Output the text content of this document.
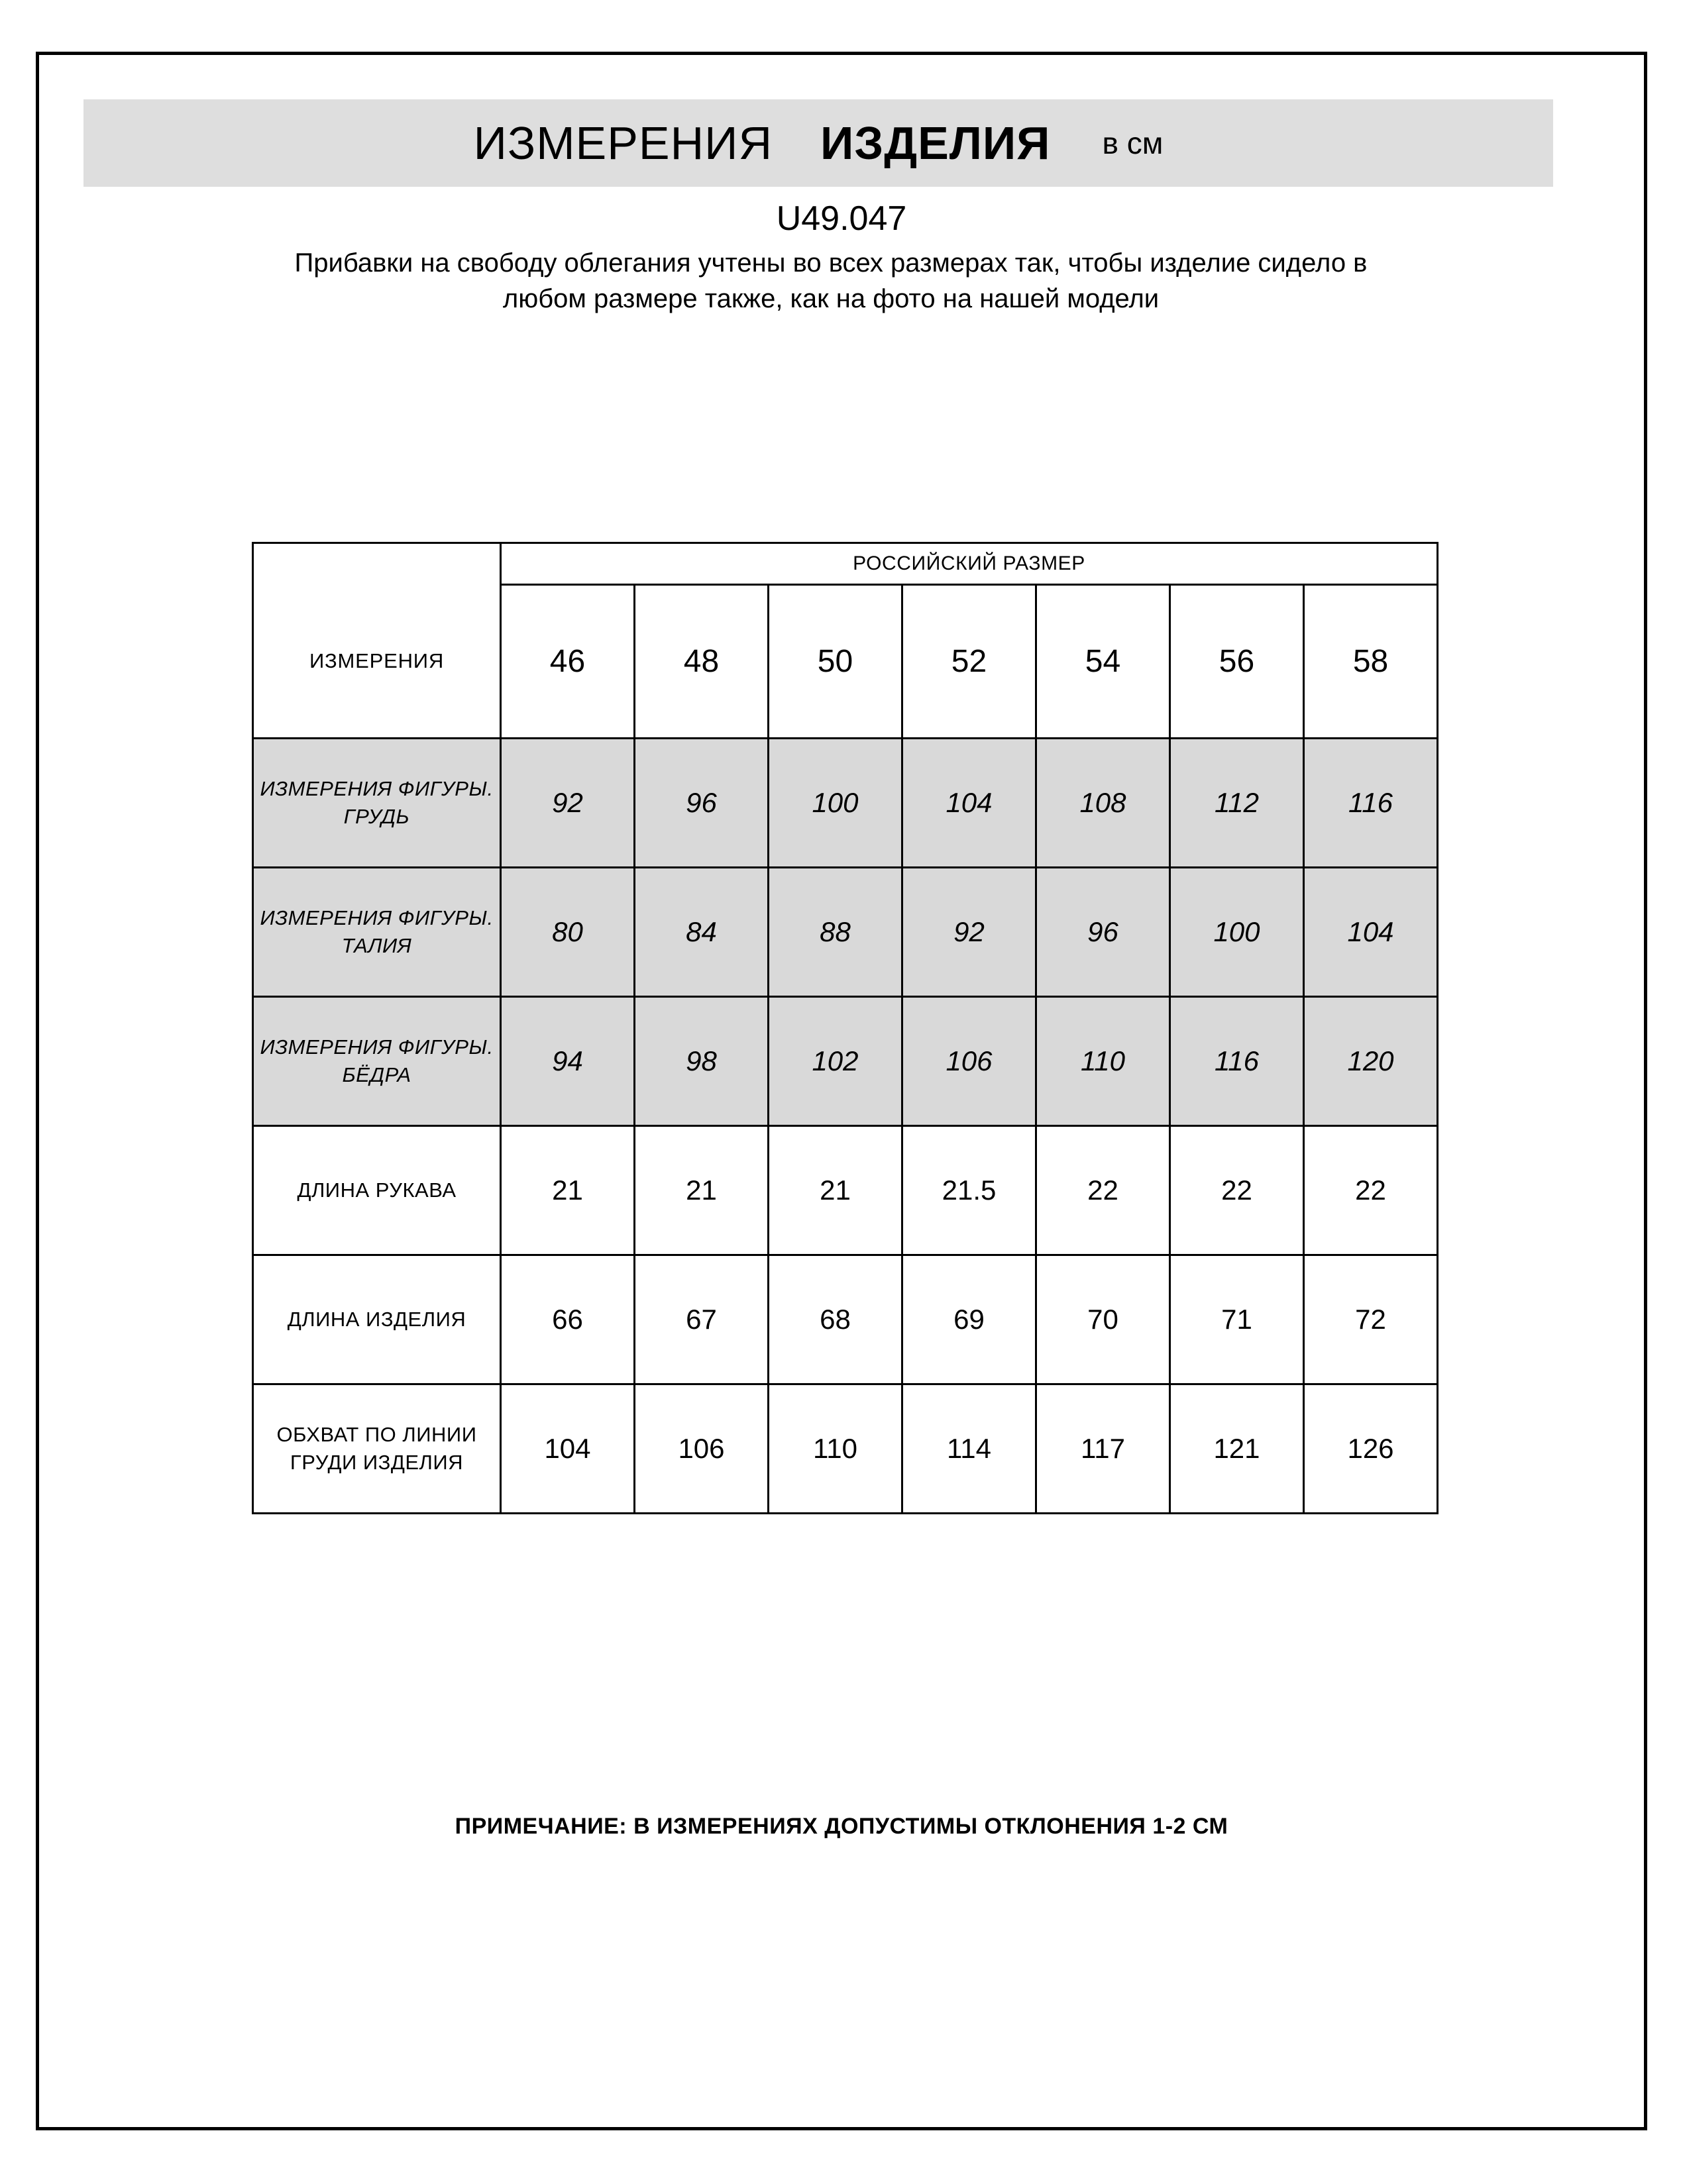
ИЗМЕРЕНИЯ ИЗДЕЛИЯ в см
U49.047
Прибавки на свободу облегания учтены во всех размерах так, чтобы изделие сидело в любом размере также, как на фото на нашей модели
	РОССИЙСКИЙ РАЗМЕР						
ИЗМЕРЕНИЯ	46	48	50	52	54	56	58
ИЗМЕРЕНИЯ ФИГУРЫ. ГРУДЬ	92	96	100	104	108	112	116
ИЗМЕРЕНИЯ ФИГУРЫ. ТАЛИЯ	80	84	88	92	96	100	104
ИЗМЕРЕНИЯ ФИГУРЫ. БЁДРА	94	98	102	106	110	116	120
ДЛИНА РУКАВА	21	21	21	21.5	22	22	22
ДЛИНА ИЗДЕЛИЯ	66	67	68	69	70	71	72
ОБХВАТ ПО ЛИНИИ ГРУДИ ИЗДЕЛИЯ	104	106	110	114	117	121	126
ПРИМЕЧАНИЕ: В ИЗМЕРЕНИЯХ ДОПУСТИМЫ ОТКЛОНЕНИЯ 1-2 СМ
